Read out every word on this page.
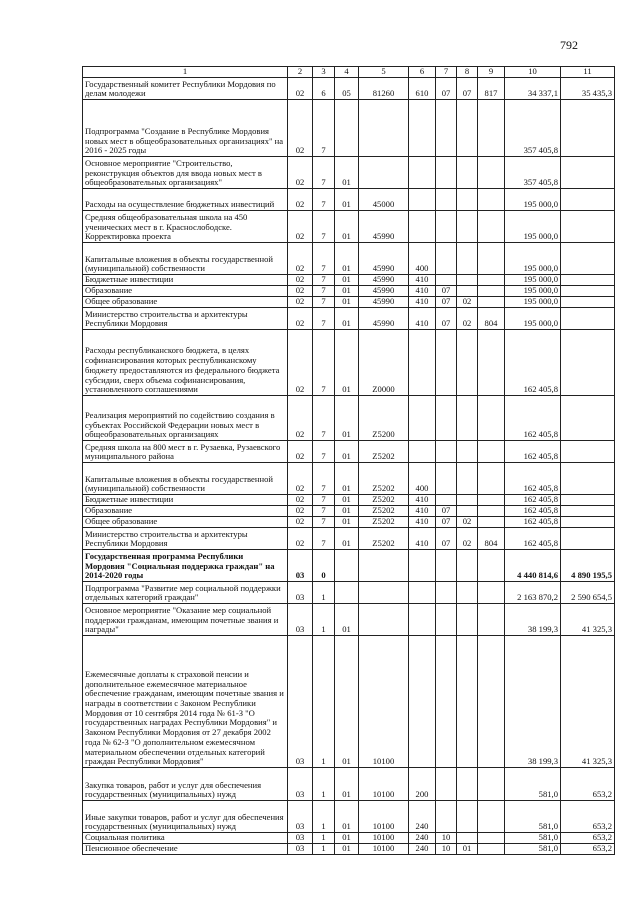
792
1	2	3	4	5	6	7	8	9	10	11
Государственный комитет Республики Мордовия по делам молодежи	02	6	05	81260	610	07	07	817	34 337,1	35 435,3
Подпрограмма "Создание в Республике Мордовия новых мест в общеобразовательных организациях" на 2016 - 2025 годы	02	7							357 405,8	
Основное мероприятие "Строительство, реконструкция объектов для ввода новых мест в общеобразовательных организациях"	02	7	01						357 405,8	
Расходы на осуществление бюджетных инвестиций	02	7	01	45000					195 000,0	
Средняя общеобразовательная школа на 450 ученических мест в г. Краснослободске. Корректировка проекта	02	7	01	45990					195 000,0	
Капитальные вложения в объекты государственной (муниципальной) собственности	02	7	01	45990	400				195 000,0	
Бюджетные инвестиции	02	7	01	45990	410				195 000,0	
Образование	02	7	01	45990	410	07			195 000,0	
Общее образование	02	7	01	45990	410	07	02		195 000,0	
Министерство строительства и архитектуры Республики Мордовия	02	7	01	45990	410	07	02	804	195 000,0	
Расходы республиканского бюджета, в целях софинансирования которых республиканскому бюджету предоставляются из федерального бюджета субсидии, сверх объема софинансирования, установленного соглашениями	02	7	01	Z0000					162 405,8	
Реализация мероприятий по содействию создания в субъектах Российской Федерации новых мест в общеобразовательных организациях	02	7	01	Z5200					162 405,8	
Средняя школа на 800 мест в г. Рузаевка, Рузаевского муниципального района	02	7	01	Z5202					162 405,8	
Капитальные вложения в объекты государственной (муниципальной) собственности	02	7	01	Z5202	400				162 405,8	
Бюджетные инвестиции	02	7	01	Z5202	410				162 405,8	
Образование	02	7	01	Z5202	410	07			162 405,8	
Общее образование	02	7	01	Z5202	410	07	02		162 405,8	
Министерство строительства и архитектуры Республики Мордовия	02	7	01	Z5202	410	07	02	804	162 405,8	
Государственная программа Республики Мордовия "Социальная поддержка граждан" на 2014-2020 годы	03	0							4 440 814,6	4 890 195,5
Подпрограмма "Развитие мер социальной поддержки отдельных категорий граждан"	03	1							2 163 870,2	2 590 654,5
Основное мероприятие "Оказание мер социальной поддержки гражданам, имеющим почетные звания и награды"	03	1	01						38 199,3	41 325,3
Ежемесячные доплаты к страховой пенсии и дополнительное ежемесячное материальное обеспечение гражданам, имеющим почетные звания и награды в соответствии с Законом Республики Мордовия от 10 сентября 2014 года № 61-З "О государственных наградах Республики Мордовия" и Законом Республики Мордовия от 27 декабря 2002 года № 62-З "О дополнительном ежемесячном материальном обеспечении отдельных категорий граждан Республики Мордовия"	03	1	01	10100					38 199,3	41 325,3
Закупка товаров, работ и услуг для обеспечения государственных (муниципальных) нужд	03	1	01	10100	200				581,0	653,2
Иные закупки товаров, работ и услуг для обеспечения государственных (муниципальных) нужд	03	1	01	10100	240				581,0	653,2
Социальная политика	03	1	01	10100	240	10			581,0	653,2
Пенсионное обеспечение	03	1	01	10100	240	10	01		581,0	653,2
